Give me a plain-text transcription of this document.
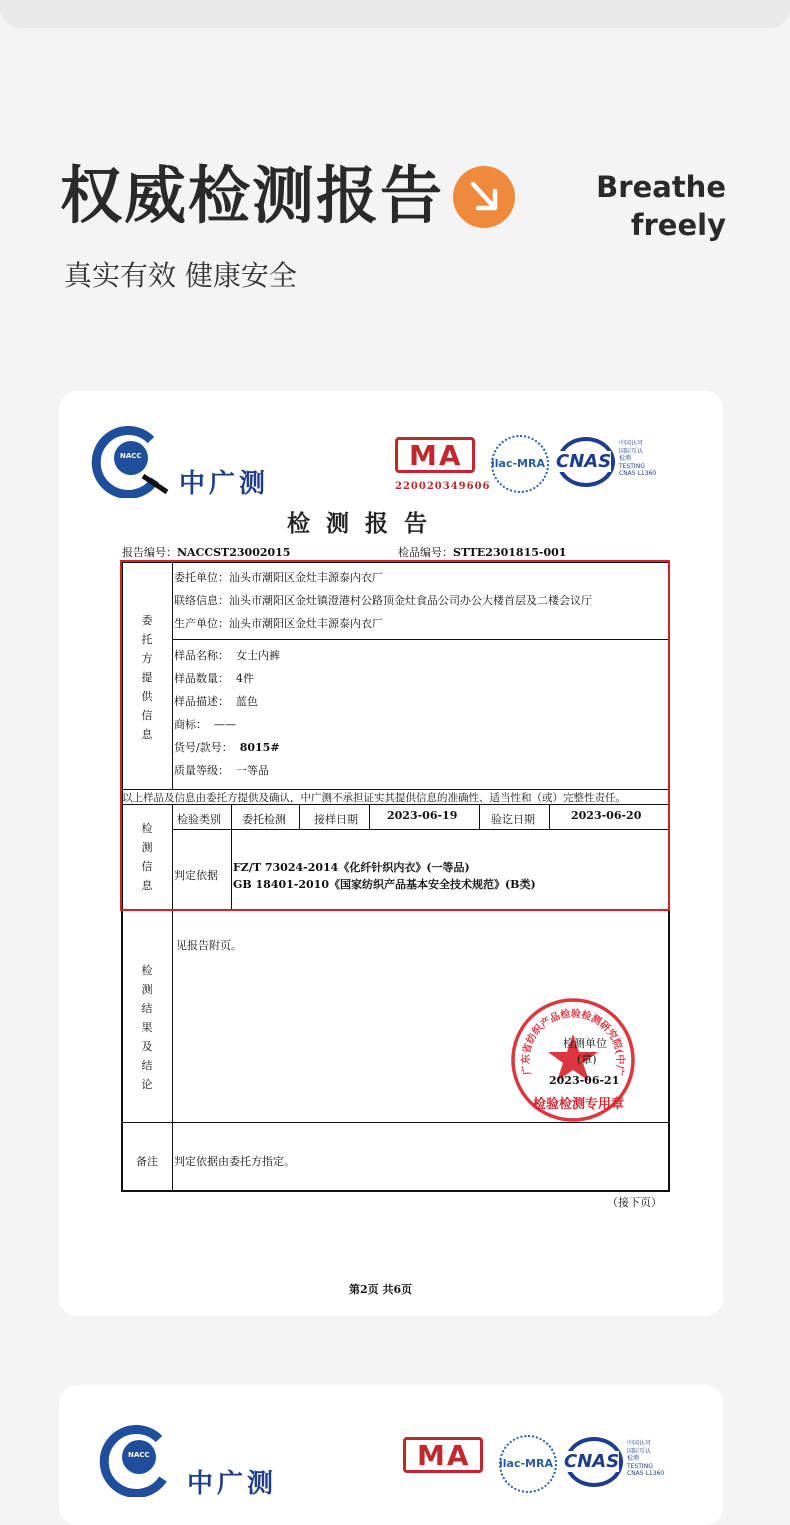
权威检测报告	Breathe
freely
真实有效 健康安全
NACC
中广测
MA
220020349606
ilac-MRA CNAS
中国认可
国际互认
检测
TESTING
CNAS L1360
检 测 报 告
报告编号：NACCST23002015	检品编号：STTE2301815-001
委托方提供信息
委托单位：汕头市潮阳区金灶丰源泰内衣厂
联络信息：汕头市潮阳区金灶镇澄港村公路顶金灶食品公司办公大楼首层及二楼会议厅
生产单位：汕头市潮阳区金灶丰源泰内衣厂
样品名称： 女士内裤
样品数量： 4件
样品描述： 蓝色
商标： ——
货号/款号： 8015#
质量等级： 一等品
以上样品及信息由委托方提供及确认，中广测不承担证实其提供信息的准确性、适当性和（或）完整性责任。
检测信息
检验类别 委托检测	接样日期	2023-06-19	验讫日期	2023-06-20
判定依据
FZ/T 73024-2014《化纤针织内衣》(一等品)
GB 18401-2010《国家纺织产品基本安全技术规范》(B类)
检测结果及结论
见报告附页。
广东省纺织产品检验检测研究院(中广
检测单位
(章)
2023-06-21
检验检测专用章
备注 判定依据由委托方指定。
（接下页）
第2页 共6页
NACC
中广测
MA	ilac-MRA CNAS
中国认可
国际互认
检测
TESTING
CNAS L1360
